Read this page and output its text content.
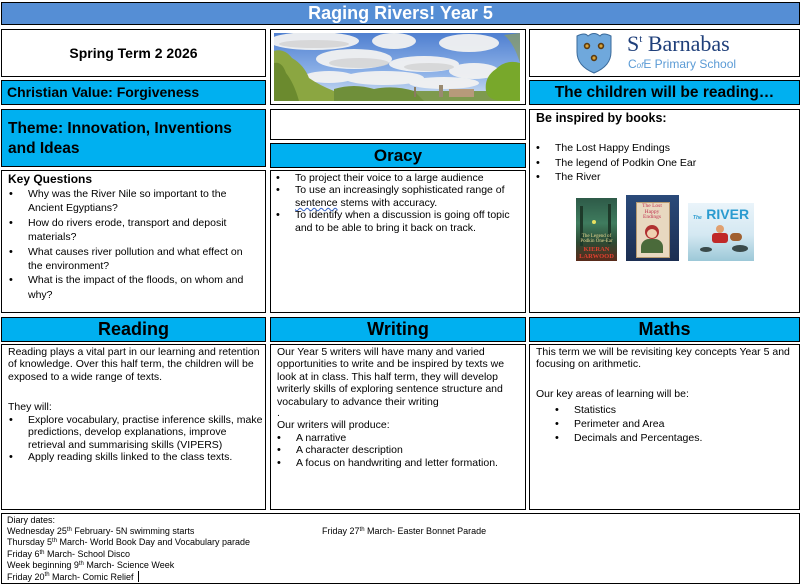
Raging Rivers! Year 5
Spring Term 2 2026	$S^t$ Barnabas
CofE Primary School
Christian Value: Forgiveness	The children will be reading…
Theme: Innovation, Inventions and Ideas	Oracy
Be inspired by books:
• The Lost Happy Endings
• The legend of Podkin One Ear
• The River
The Legend of
Podkin One-Ear
KIERAN
LARWOOD
The Lost
Happy Endings	The RIVER
Key Questions
• Why was the River Nile so important to the Ancient Egyptians?
• How do rivers erode, transport and deposit materials?
• What causes river pollution and what effect on the environment?
• What is the impact of the floods, on whom and why?
• To project their voice to a large audience
• To use an increasingly sophisticated range of sentence stems with accuracy.
• To identify when a discussion is going off topic and to be able to bring it back on track.
Reading	Writing	Maths
Reading plays a vital part in our learning and retention of knowledge. Over this half term, the children will be exposed to a wide range of texts.
They will:
• Explore vocabulary, practise inference skills, make predictions, develop explanations, improve retrieval and summarising skills (VIPERS)
• Apply reading skills linked to the class texts.
Our Year 5 writers will have many and varied opportunities to write and be inspired by texts we look at in class. This half term, they will develop writerly skills of exploring sentence structure and vocabulary to advance their writing
.
Our writers will produce:
• A narrative
• A character description
• A focus on handwriting and letter formation.
This term we will be revisiting key concepts Year 5 and focusing on arithmetic.
Our key areas of learning will be:
• Statistics
• Perimeter and Area
• Decimals and Percentages.
Diary dates:
Wednesday 25th February- 5N swimming starts
Thursday 5th March- World Book Day and Vocabulary parade
Friday 6th March- School Disco
Week beginning 9th March- Science Week
Friday 20th March- Comic Relief
Friday 27th March- Easter Bonnet Parade
